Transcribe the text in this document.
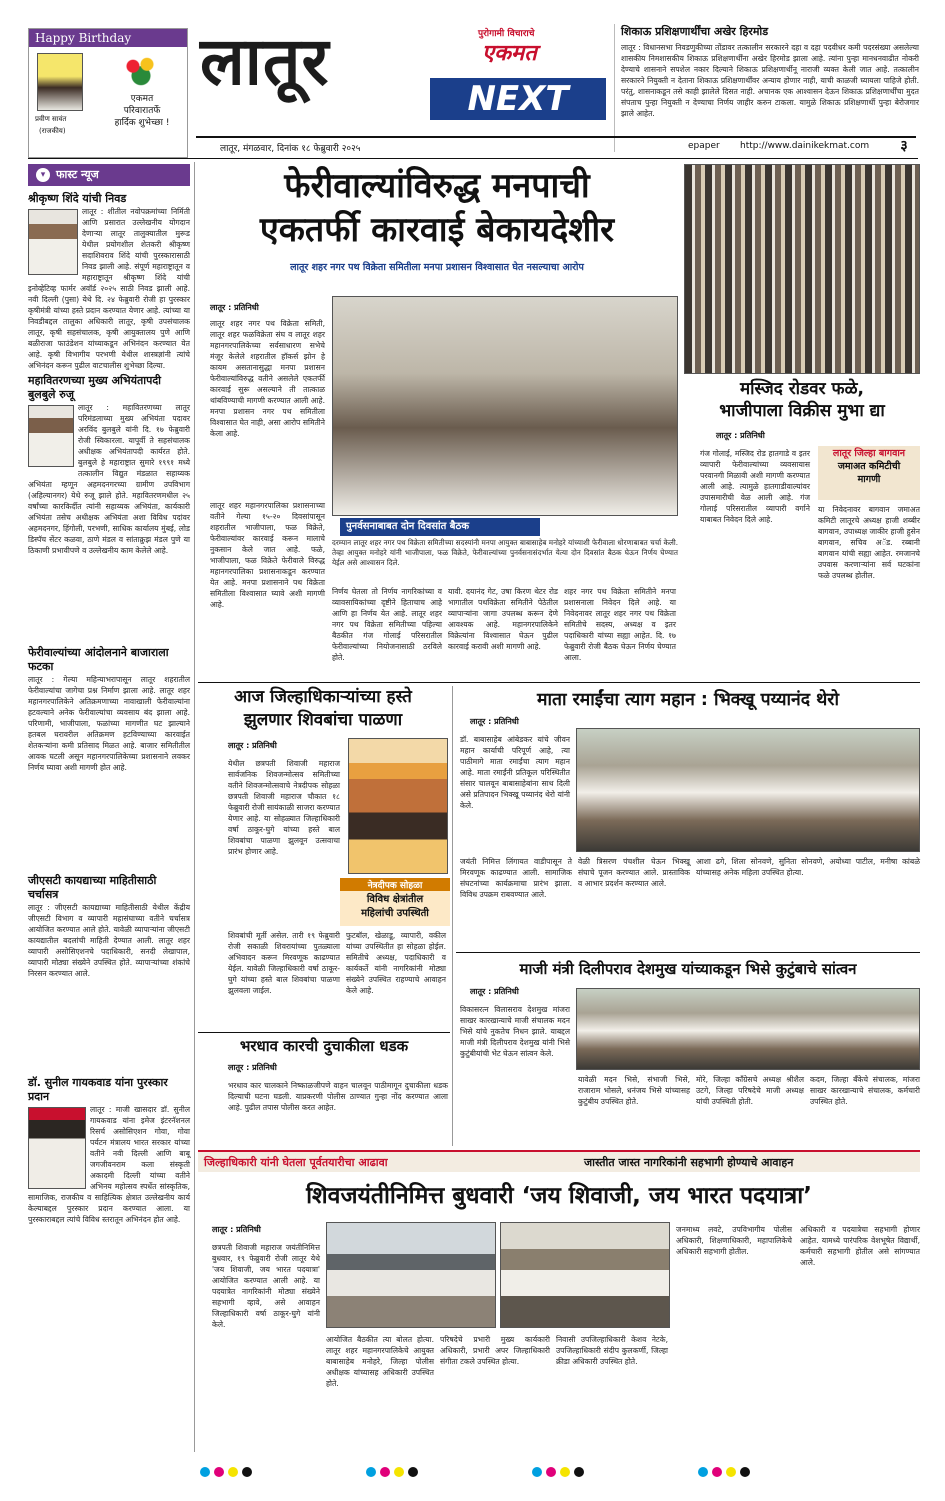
Happy Birthday
प्रवीण सावंत
(राजकीय)
एकमत
परिवारातर्फे
हार्दिक शुभेच्छा !
लातूर	पुरोगामी विचाराचे
एकमत
NEXT
शिकाऊ प्रशिक्षणार्थींचा अखेर हिरमोड
लातूर : विधानसभा निवडणुकीच्या तोंडावर तत्कालीन सरकारने दहा व दहा पदवीधर कमी पदरसंख्या असलेल्या शासकीय निमशासकीय शिकाऊ प्रशिक्षणार्थींना अखेर हिरमोड झाला आहे. त्यांना पुन्हा मानधनवाढीत नोकरी देण्याचे शासनाने सपशेल नकार दिल्याने शिकाऊ प्रशिक्षणार्थीनू नाराजी व्यक्त केली जात आहे. तत्कालीन सरकारने नियुक्ती न देताना शिकाऊ प्रशिक्षणार्थींवर अन्याय होणार नाही, याची काळजी घ्यायला पाहिजे होती. परंतु, शासनाकडून तसे काही झालेले दिसत नाही. अचानक एक आश्वासन देऊन शिकाऊ प्रशिक्षणार्थींचा मुदत संपताच पुन्हा नियुक्ती न देण्याचा निर्णय जाहीर करुन टाकला. यामुळे शिकाऊ प्रशिक्षणार्थी पुन्हा बेरोजगार झाले आहेत.
लातूर, मंगळवार, दिनांक १८ फेब्रुवारी २०२५	epaper http://www.dainikekmat.com	३
▾ फास्ट न्यूज
श्रीकृष्ण शिंदे यांची निवड
लातूर : शीतील नवोपक्रमांच्या निर्मिती आणि प्रसारात उल्लेखनीय योगदान देणाऱ्या लातूर तालुक्यातील मुरूड येथील प्रयोगशील शेतकरी श्रीकृष्ण सदाशिवराव शिंदे यांची पुरस्कारासाठी निवड झाली आहे. संपूर्ण महाराष्ट्रातून व महाराष्ट्रातून श्रीकृष्ण शिंदे यांची इनोव्हेटिव्ह फार्मर अवॉर्ड २०२५ साठी निवड झाली आहे. नवी दिल्ली (पुसा) येथे दि. २४ फेब्रुवारी रोजी हा पुरस्कार कृषीमंत्री यांच्या हस्ते प्रदान करण्यात येणार आहे. त्यांच्या या निवडीबद्दल तालुका अधिकारी लातूर, कृषी उपसंचालक लातूर, कृषी सहसंचालक, कृषी आयुक्तालय पुणे आणि बळीराजा फाउंडेशन यांच्याकडून अभिनंदन करण्यात येत आहे. कृषी विभागीय परभणी येथील शास्त्रज्ञांनी त्यांचे अभिनंदन करून पुढील वाटचालीस शुभेच्छा दिल्या.
महावितरणच्या मुख्य अभियंतापदी बुलबुले रुजू
लातूर : महावितरणच्या लातूर परिमंडलाच्या मुख्य अभियंता पदावर अरविंद बुलबुले यांनी दि. १७ फेब्रुवारी रोजी स्विकारला. यापूर्वी ते सहसंचालक अधीक्षक अभियंतापदी कार्यरत होते. बुलबुले हे महाराष्ट्रात सुमारे १९९१ मध्ये तत्कालीन विद्युत मंडळात सहाय्यक अभियंता म्हणून अहमदनगरच्या ग्रामीण उपविभाग (अहिल्यानगर) येथे रुजू झाले होते. महावितरणमधील २५ वर्षांच्या कारकिर्दीत त्यांनी सहाय्यक अभियंता, कार्यकारी अभियंता तसेच अधीक्षक अभियंता अशा विविध पदांवर अहमदनगर, हिंगोली, परभणी, साधिक कार्यालय मुंबई, लोड डिस्पॅच सेंटर कळवा, ठाणे मंडल व सांताक्रुझ मंडल पुणे या ठिकाणी प्रभावीपणे व उल्लेखनीय काम केलेले आहे.
फेरीवाल्यांच्या आंदोलनाने बाजाराला फटका
लातूर : गेल्या महिन्याभरापासून लातूर शहरातील फेरीवाल्यांचा जागेचा प्रश्न निर्माण झाला आहे. लातूर शहर महानगरपालिकेने अतिक्रमणाच्या नावाखाली फेरीवाल्यांना हटवल्याने अनेक फेरीवाल्यांचा व्यवसाय बंद झाला आहे. परिणामी, भाजीपाला, फळांच्या मागणीत घट झाल्याने हतबल घरावरील अतिक्रमण हटविण्याच्या कारवाईत शेतकऱ्यांना कमी प्रतिसाद मिळत आहे. बाजार समितीतील आवक घटली असून महानगरपालिकेच्या प्रशासनाने लवकर निर्णय घ्यावा अशी मागणी होत आहे.
जीएसटी कायद्याच्या माहितीसाठी चर्चासत्र
लातूर : जीएसटी कायद्याच्या माहितीसाठी येथील केंद्रीय जीएसटी विभाग व व्यापारी महासंघाच्या वतीने चर्चासत्र आयोजित करण्यात आले होते. यावेळी व्यापाऱ्यांना जीएसटी कायद्यातील बदलांची माहिती देण्यात आली. लातूर शहर व्यापारी असोसिएशनचे पदाधिकारी, सनदी लेखापाल, व्यापारी मोठ्या संख्येने उपस्थित होते. व्यापाऱ्यांच्या शंकांचे निरसन करण्यात आले.
डॉ. सुनील गायकवाड यांना पुरस्कार प्रदान
लातूर : माजी खासदार डॉ. सुनील गायकवाड यांना इमेज इंटरनॅशनल रिसर्च असोसिएशन गोवा, गोवा पर्यटन मंत्रालय भारत सरकार यांच्या वतीने नवी दिल्ली आणि बाबू जगजीवनराम कला संस्कृती अकादमी दिल्ली यांच्या वतीने अभिनय महोत्सव स्पर्धेत सांस्कृतिक, सामाजिक, राजकीय व साहित्यिक क्षेत्रात उल्लेखनीय कार्य केल्याबद्दल पुरस्कार प्रदान करण्यात आला. या पुरस्काराबद्दल त्यांचे विविध स्तरातून अभिनंदन होत आहे.
फेरीवाल्यांविरुद्ध मनपाची
एकतर्फी कारवाई बेकायदेशीर
लातूर शहर नगर पथ विक्रेता समितीला मनपा प्रशासन विश्वासात घेत नसल्याचा आरोप
लातूर : प्रतिनिधी
लातूर शहर नगर पथ विक्रेता समिती, लातूर शहर फळविक्रेता संघ व लातूर शहर महानगरपालिकेच्या सर्वसाधारण सभेचे मंजूर केलेले शहरातील हॉकर्स झोन हे कायम असतानासुद्धा मनपा प्रशासन फेरीवाल्यांविरुद्ध वतीने असलेले एकतर्फी कारवाई सुरू असल्याने ती तात्काळ थांबविण्याची मागणी करण्यात आली आहे. मनपा प्रशासन नगर पथ समितीला विश्वासात घेत नाही, असा आरोप समितीने केला आहे.
पुनर्वसनाबाबत दोन दिवसांत बैठक
दरम्यान लातूर शहर नगर पथ विक्रेता समितीच्या सदस्यांनी मनपा आयुक्त बाबासाहेब मनोहरे यांच्याशी फेरीवाला धोरणाबाबत चर्चा केली. तेव्हा आयुक्त मनोहरे यांनी भाजीपाला, फळ विक्रेते, फेरीवाल्यांच्या पुनर्वसनासंदर्भात येत्या दोन दिवसांत बैठक घेऊन निर्णय घेण्यात येईल असे आश्वासन दिले.
लातूर शहर महानगरपालिका प्रशासनाच्या वतीने गेल्या १५-२० दिवसांपासून शहरातील भाजीपाला, फळ विक्रेते, फेरीवाल्यांवर कारवाई करून मालाचे नुकसान केले जात आहे. फळे, भाजीपाला, फळ विक्रेते फेरीवाले विरुद्ध महानगरपालिका प्रशासनाकडून करण्यात येत आहे. मनपा प्रशासनाने पथ विक्रेता समितीला विश्वासात घ्यावे अशी मागणी आहे.
निर्णय घेतला तो निर्णय नागरिकांच्या व व्यावसायिकांच्या दृष्टीने हिताचाच आहे आणि हा निर्णय येत आहे. लातूर शहर नगर पथ विक्रेता समितीच्या पहिल्या बैठकीत गंज गोलाई परिसरातील फेरीवाल्यांच्या नियोजनासाठी ठरविले होते.
यावी. दयानंद गेट, उषा किरण थेटर रोड भागातील पथविक्रेता समितीने पेठेतील व्यापाऱ्यांना जागा उपलब्ध करून देणे आवश्यक आहे. महानगरपालिकेने विक्रेत्यांना विश्वासात घेऊन पुढील कारवाई करावी अशी मागणी आहे.
शहर नगर पथ विक्रेता समितीने मनपा प्रशासनाला निवेदन दिले आहे. या निवेदनावर लातूर शहर नगर पथ विक्रेता समितीचे सदस्य, अध्यक्ष व इतर पदाधिकारी यांच्या सह्या आहेत. दि. १७ फेब्रुवारी रोजी बैठक घेऊन निर्णय घेण्यात आला.
मस्जिद रोडवर फळे,
भाजीपाला विक्रीस मुभा द्या
लातूर : प्रतिनिधी
गंज गोलाई, मस्जिद रोड हातगाडे व इतर व्यापारी फेरीवाल्यांच्या व्यवसायास परवानगी मिळावी अशी मागणी करण्यात आली आहे. त्यामुळे हातगाडीवाल्यांवर उपासमारीची वेळ आली आहे. गंज गोलाई परिसरातील व्यापारी वर्गाने याबाबत निवेदन दिले आहे.
लातूर जिल्हा बागवान
जमाअत कमिटीची
मागणी
या निवेदनावर बागवान जमाअत कमिटी लातूरचे अध्यक्ष हाजी शब्बीर बागवान, उपाध्यक्ष जाकीर हाजी हुसेन बागवान, सचिव अॅड. रब्बानी बागवान यांची सह्या आहेत. रमजानचे उपवास करणाऱ्यांना सर्व घटकांना फळे उपलब्ध होतील.
आज जिल्हाधिकाऱ्यांच्या हस्ते
झुलणार शिवबांचा पाळणा
लातूर : प्रतिनिधी
येथील छत्रपती शिवाजी महाराज सार्वजनिक शिवजन्मोत्सव समितीच्या वतीने शिवजन्मोत्सवाचे नेत्रदीपक सोहळा छत्रपती शिवाजी महाराज चौकात १८ फेब्रुवारी रोजी सायंकाळी साजरा करण्यात येणार आहे. या सोहळ्यात जिल्हाधिकारी वर्षा ठाकूर-घुगे यांच्या हस्ते बाल शिवबांचा पाळणा झुलवून उत्सवाचा प्रारंभ होणार आहे.
नेत्रदीपक सोहळा
विविध क्षेत्रांतील
महिलांची उपस्थिती
शिवबांची मूर्ती असेल. तारी १९ फेब्रुवारी रोजी सकाळी शिवरायांच्या पुतळ्याला अभिवादन करून मिरवणूक काढण्यात येईल. यावेळी जिल्हाधिकारी वर्षा ठाकूर-घुगे यांच्या हस्ते बाल शिवबांचा पाळणा झुलवला जाईल.
फुटबॉल, खेळाडू, व्यापारी, वकील यांच्या उपस्थितीत हा सोहळा होईल. समितीचे अध्यक्ष, पदाधिकारी व कार्यकर्ते यांनी नागरिकांनी मोठ्या संख्येने उपस्थित राहण्याचे आवाहन केले आहे.
भरधाव कारची दुचाकीला धडक
लातूर : प्रतिनिधी
भरधाव कार चालकाने निष्काळजीपणे वाहन चालवून पाठीमागून दुचाकीला धडक दिल्याची घटना घडली. याप्रकरणी पोलीस ठाण्यात गुन्हा नोंद करण्यात आला आहे. पुढील तपास पोलीस करत आहेत.
माता रमाईंचा त्याग महान : भिक्खू पय्यानंद थेरो
लातूर : प्रतिनिधी
डॉ. बाबासाहेब आंबेडकर यांचे जीवन महान कार्याची परिपूर्ण आहे, त्या पाठीमागे माता रमाईंचा त्याग महान आहे. माता रमाईंनी प्रतिकूल परिस्थितीत संसार चालवून बाबासाहेबांना साथ दिली असे प्रतिपादन भिक्खू पय्यानंद थेरो यांनी केले.
जयंती निमित्त लिंगायत वाडीपासून ते मिरवणूक काढण्यात आली. सामाजिक संघटनांच्या कार्यक्रमाचा प्रारंभ झाला. विविध उपक्रम राबवण्यात आले.
वेळी त्रिसरण पंचशील घेऊन भिक्खू संघाचे पूजन करण्यात आले. प्रास्ताविक व आभार प्रदर्शन करण्यात आले.
आशा ढगे, शिला सोनवणे, सुनिता सोनवणे, अयोध्या पाटील, मनीषा कांबळे यांच्यासह अनेक महिला उपस्थित होत्या.
माजी मंत्री दिलीपराव देशमुख यांच्याकडून भिसे कुटुंबाचे सांत्वन
लातूर : प्रतिनिधी
विकासरत्न विलासराव देशमुख मांजरा साखर कारखान्याचे माजी संचालक मदन भिसे यांचे नुकतेच निधन झाले. याबद्दल माजी मंत्री दिलीपराव देशमुख यांनी भिसे कुटुंबीयांची भेट घेऊन सांत्वन केले.
यावेळी मदन भिसे, संभाजी भिसे, राजाराम भोसले, धनंजय भिसे यांच्यासह कुटुंबीय उपस्थित होते.
मोरे, जिल्हा काँग्रेसचे अध्यक्ष श्रीशैल उटगे, जिल्हा परिषदेचे माजी अध्यक्ष यांची उपस्थिती होती.
कदम, जिल्हा बँकेचे संचालक, मांजरा साखर कारखान्याचे संचालक, कर्मचारी उपस्थित होते.
जिल्हाधिकारी यांनी घेतला पूर्वतयारीचा आढावा	जास्तीत जास्त नागरिकांनी सहभागी होण्याचे आवाहन
शिवजयंतीनिमित्त बुधवारी ‘जय शिवाजी, जय भारत पदयात्रा’
लातूर : प्रतिनिधी
छत्रपती शिवाजी महाराज जयंतीनिमित्त बुधवार, १९ फेब्रुवारी रोजी लातूर येथे 'जय शिवाजी, जय भारत पदयात्रा' आयोजित करण्यात आली आहे. या पदयात्रेत नागरिकांनी मोठ्या संख्येने सहभागी व्हावे, असे आवाहन जिल्हाधिकारी वर्षा ठाकूर-घुगे यांनी केले.
आयोजित बैठकीत त्या बोलत होत्या. लातूर शहर महानगरपालिकेचे आयुक्त बाबासाहेब मनोहरे, जिल्हा पोलीस अधीक्षक यांच्यासह अधिकारी उपस्थित होते.
परिषदेचे प्रभारी मुख्य कार्यकारी अधिकारी, प्रभारी अपर जिल्हाधिकारी संगीता टकले उपस्थित होत्या.
निवासी उपजिल्हाधिकारी केशव नेटके, उपजिल्हाधिकारी संदीप कुलकर्णी, जिल्हा क्रीडा अधिकारी उपस्थित होते.
जनमाध्य लवटे, उपविभागीय पोलीस अधिकारी, शिक्षणाधिकारी, महापालिकेचे अधिकारी सहभागी होतील.
अधिकारी व पदयात्रेचा सहभागी होणार आहेत. यामध्ये पारंपरिक वेशभूषेत विद्यार्थी, कर्मचारी सहभागी होतील असे सांगण्यात आले.
